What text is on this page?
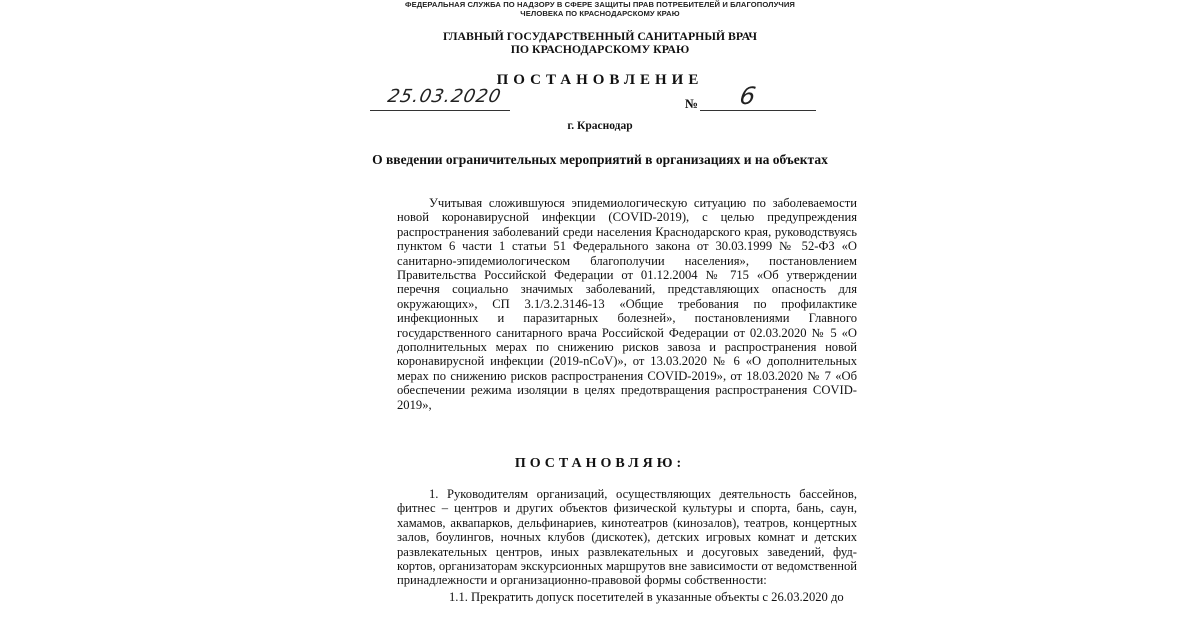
ФЕДЕРАЛЬНАЯ СЛУЖБА ПО НАДЗОРУ В СФЕРЕ ЗАЩИТЫ ПРАВ ПОТРЕБИТЕЛЕЙ И БЛАГОПОЛУЧИЯ
ЧЕЛОВЕКА ПО КРАСНОДАРСКОМУ КРАЮ
ГЛАВНЫЙ ГОСУДАРСТВЕННЫЙ САНИТАРНЫЙ ВРАЧ
ПО КРАСНОДАРСКОМУ КРАЮ
ПОСТАНОВЛЕНИЕ
25.03.2020	№ 6
г. Краснодар
О введении ограничительных мероприятий в организациях и на объектах

Учитывая сложившуюся эпидемиологическую ситуацию по заболеваемости новой коронавирусной инфекции (COVID-2019), с целью предупреждения распространения заболеваний среди населения Краснодарского края, руководствуясь пунктом 6 части 1 статьи 51 Федерального закона от 30.03.1999 № 52-ФЗ «О санитарно-эпидемиологическом благополучии населения», постановлением Правительства Российской Федерации от 01.12.2004 № 715 «Об утверждении перечня социально значимых заболеваний, представляющих опасность для окружающих», СП 3.1/3.2.3146-13 «Общие требования по профилактике инфекционных и паразитарных болезней», постановлениями Главного государственного санитарного врача Российской Федерации от 02.03.2020 № 5 «О дополнительных мерах по снижению рисков завоза и распространения новой коронавирусной инфекции (2019-nCoV)», от 13.03.2020 № 6 «О дополнительных мерах по снижению рисков распространения COVID-2019», от 18.03.2020 № 7 «Об обеспечении режима изоляции в целях предотвращения распространения COVID-2019»,

ПОСТАНОВЛЯЮ:

1. Руководителям организаций, осуществляющих деятельность бассейнов, фитнес – центров и других объектов физической культуры и спорта, бань, саун, хамамов, аквапарков, дельфинариев, кинотеатров (кинозалов), театров, концертных залов, боулингов, ночных клубов (дискотек), детских игровых комнат и детских развлекательных центров, иных развлекательных и досуговых заведений, фуд-кортов, организаторам экскурсионных маршрутов вне зависимости от ведомственной принадлежности и организационно-правовой формы собственности:

1.1. Прекратить допуск посетителей в указанные объекты с 26.03.2020 до
